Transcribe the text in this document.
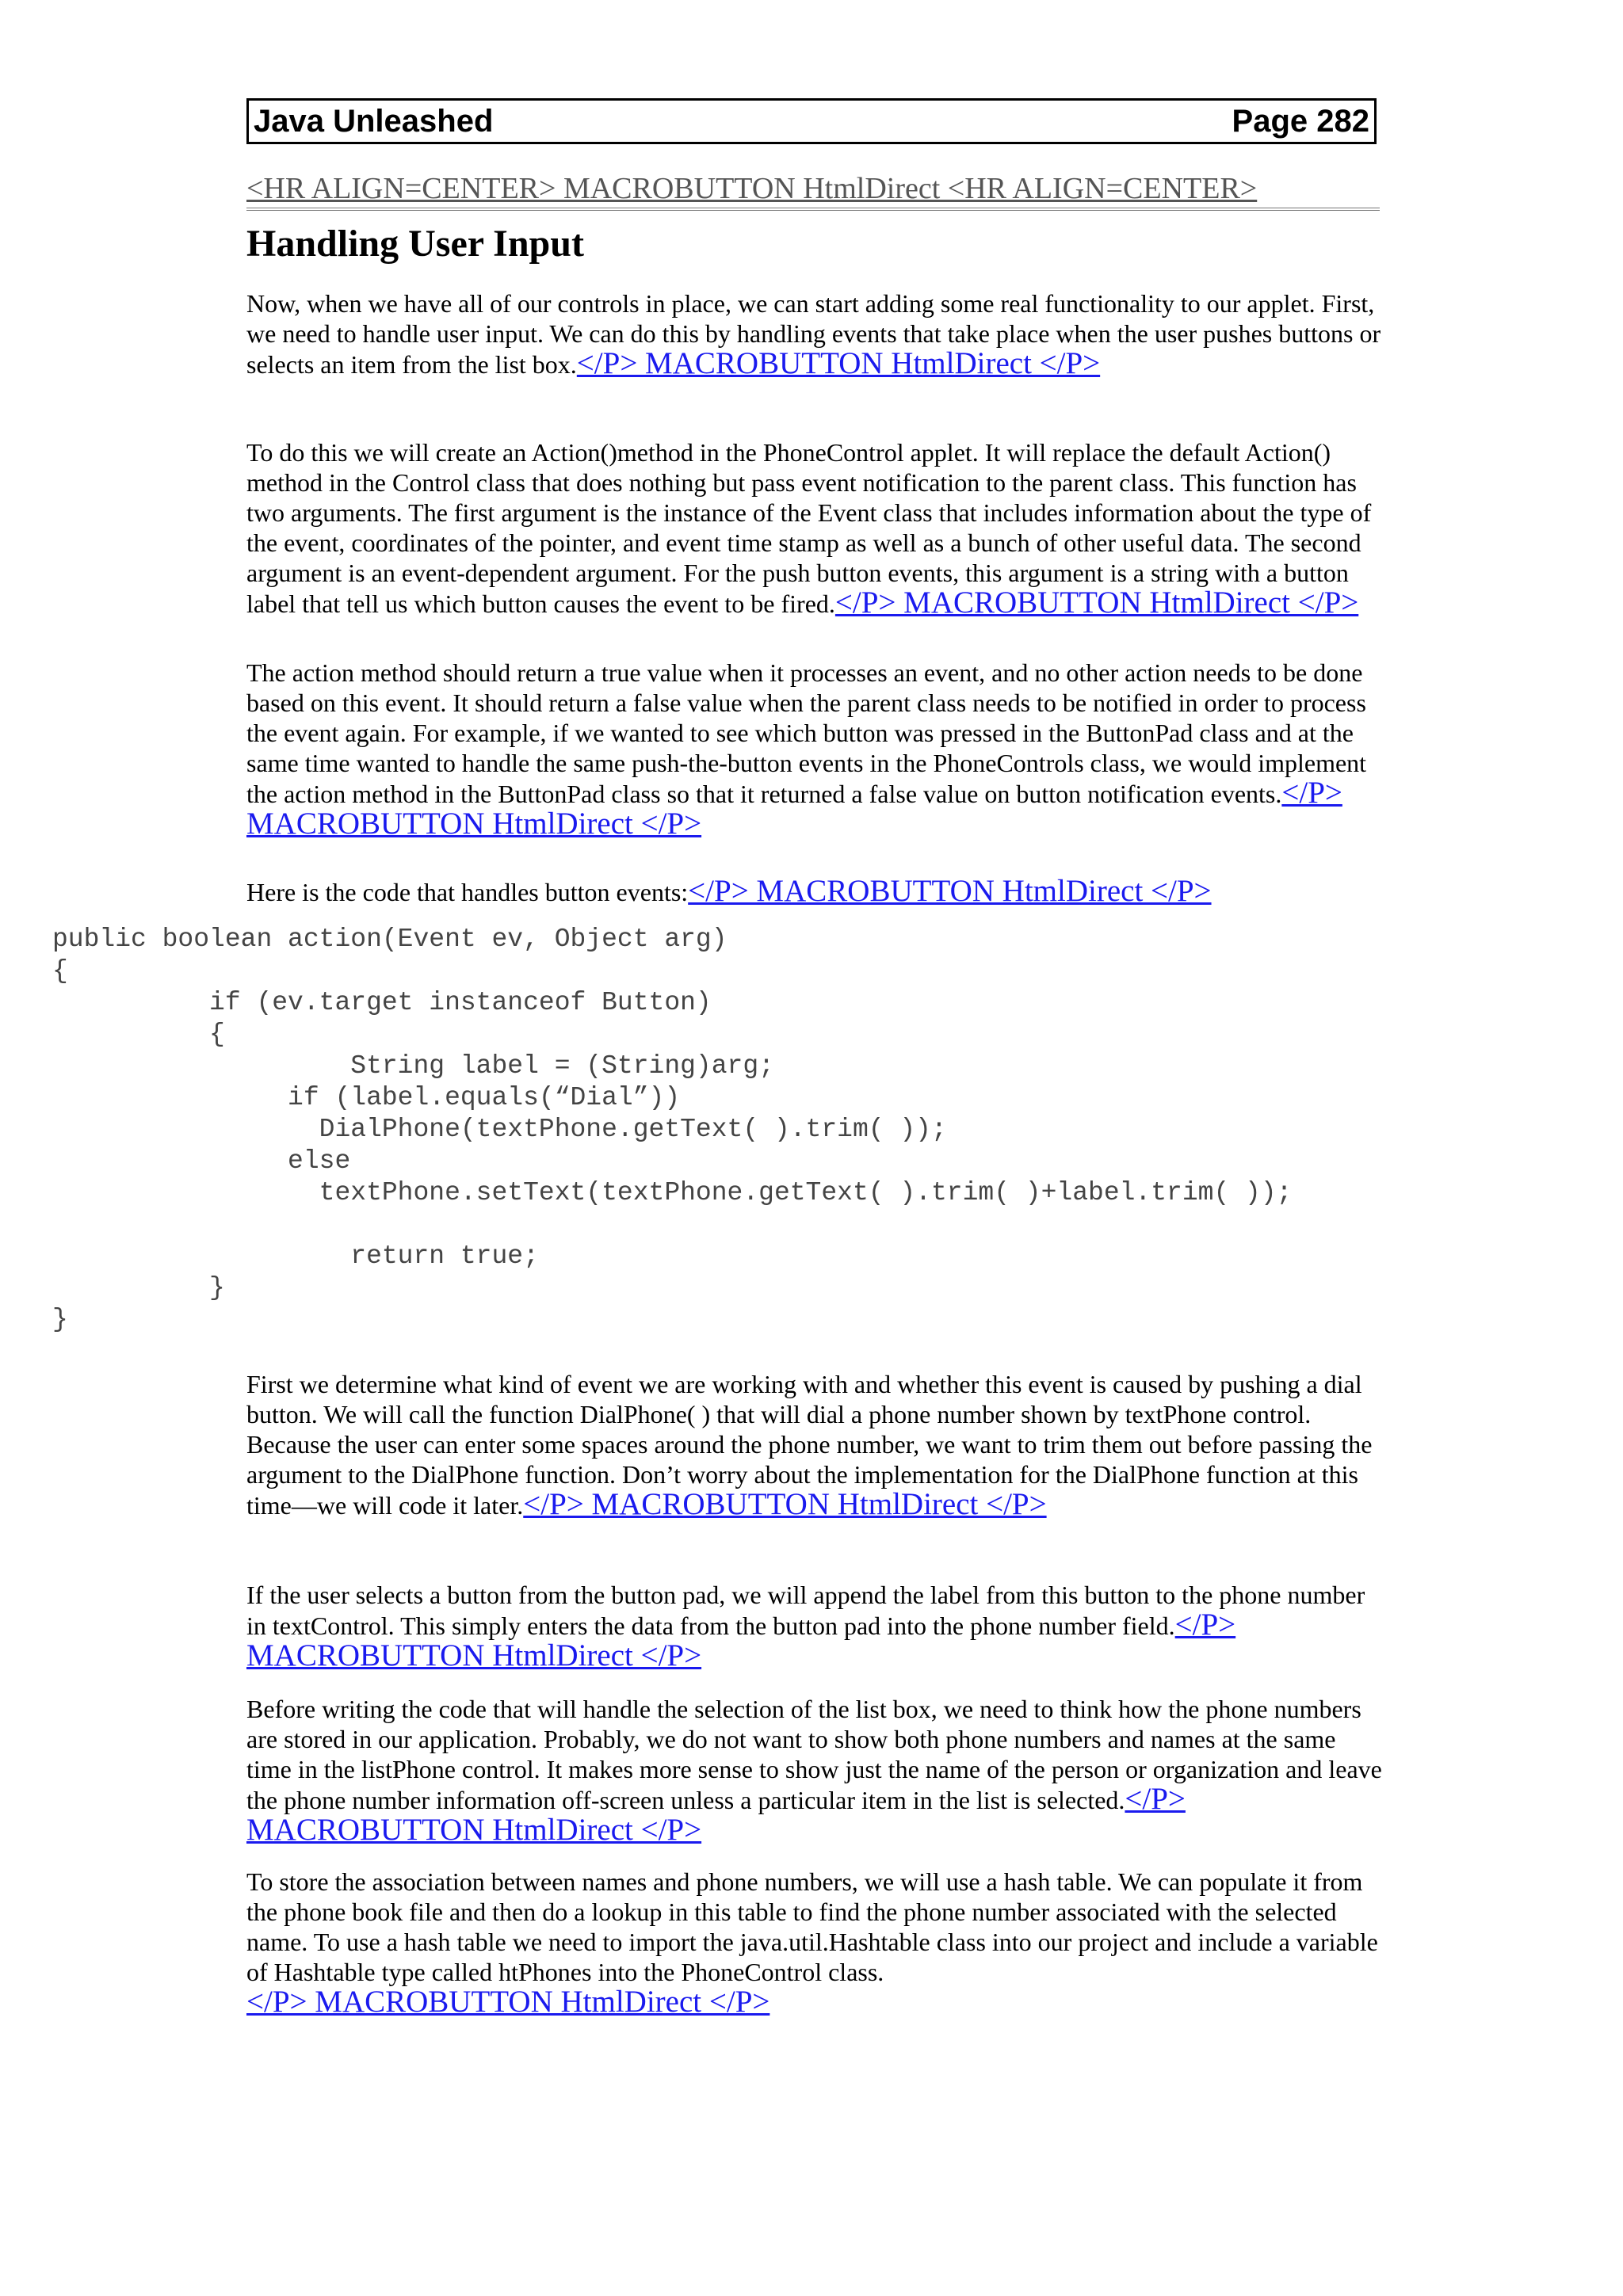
Java Unleashed	Page 282
<HR ALIGN=CENTER> MACROBUTTON HtmlDirect <HR ALIGN=CENTER>
Handling User Input

Now, when we have all of our controls in place, we can start adding some real functionality to our applet. First, we need to handle user input. We can do this by handling events that take place when the user pushes buttons or selects an item from the list box.</P> MACROBUTTON HtmlDirect </P>

To do this we will create an Action()method in the PhoneControl applet. It will replace the default Action() method in the Control class that does nothing but pass event notification to the parent class. This function has two arguments. The first argument is the instance of the Event class that includes information about the type of the event, coordinates of the pointer, and event time stamp as well as a bunch of other useful data. The second argument is an event-dependent argument. For the push button events, this argument is a string with a button label that tell us which button causes the event to be fired.</P> MACROBUTTON HtmlDirect </P>

The action method should return a true value when it processes an event, and no other action needs to be done based on this event. It should return a false value when the parent class needs to be notified in order to process the event again. For example, if we wanted to see which button was pressed in the ButtonPad class and at the same time wanted to handle the same push-the-button events in the PhoneControls class, we would implement the action method in the ButtonPad class so that it returned a false value on button notification events.</P> MACROBUTTON HtmlDirect </P>

Here is the code that handles button events:</P> MACROBUTTON HtmlDirect </P>

public boolean action(Event ev, Object arg)
{
if (ev.target instanceof Button)
{
String label = (String)arg;
if (label.equals(“Dial”))
DialPhone(textPhone.getText( ).trim( ));
else
textPhone.setText(textPhone.getText( ).trim( )+label.trim( ));

return true;
}
}

First we determine what kind of event we are working with and whether this event is caused by pushing a dial button. We will call the function DialPhone( ) that will dial a phone number shown by textPhone control. Because the user can enter some spaces around the phone number, we want to trim them out before passing the argument to the DialPhone function. Don’t worry about the implementation for the DialPhone function at this time—we will code it later.</P> MACROBUTTON HtmlDirect </P>

If the user selects a button from the button pad, we will append the label from this button to the phone number in textControl. This simply enters the data from the button pad into the phone number field.</P> MACROBUTTON HtmlDirect </P>

Before writing the code that will handle the selection of the list box, we need to think how the phone numbers are stored in our application. Probably, we do not want to show both phone numbers and names at the same time in the listPhone control. It makes more sense to show just the name of the person or organization and leave the phone number information off-screen unless a particular item in the list is selected.</P> MACROBUTTON HtmlDirect </P>

To store the association between names and phone numbers, we will use a hash table. We can populate it from the phone book file and then do a lookup in this table to find the phone number associated with the selected name. To use a hash table we need to import the java.util.Hashtable class into our project and include a variable of Hashtable type called htPhones into the PhoneControl class.
</P> MACROBUTTON HtmlDirect </P>
